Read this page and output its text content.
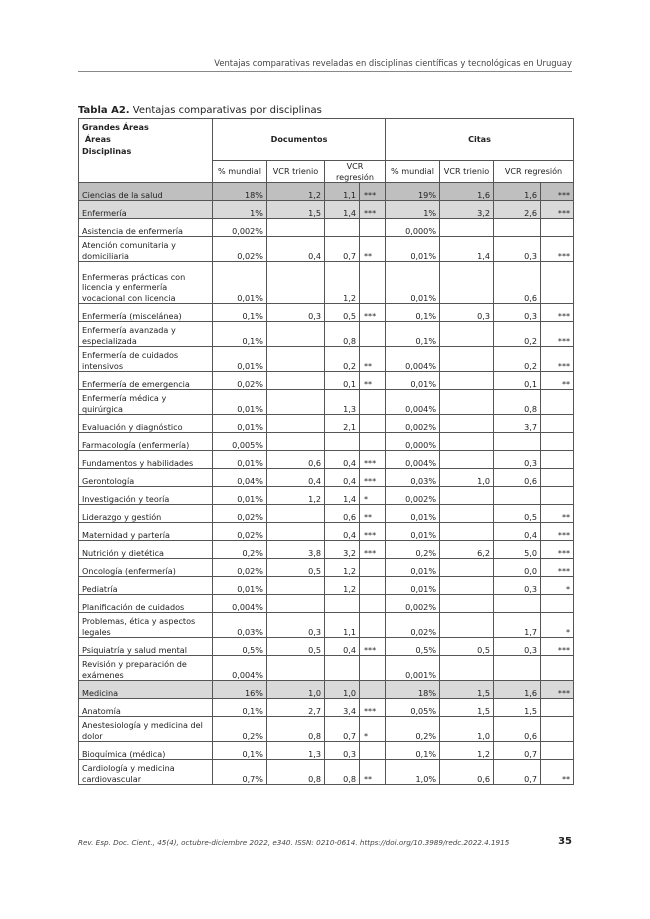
Ventajas comparativas reveladas en disciplinas científicas y tecnológicas en Uruguay
Tabla A2. Ventajas comparativas por disciplinas
Grandes Áreas
Áreas
Disciplinas	Documentos				Citas			
	% mundial	VCR trienio	VCR regresión		% mundial	VCR trienio	VCR regresión	
Ciencias de la salud	18%	1,2	1,1	***	19%	1,6	1,6	***
Enfermería	1%	1,5	1,4	***	1%	3,2	2,6	***
Asistencia de enfermería	0,002%				0,000%			
Atención comunitaria y domiciliaria	0,02%	0,4	0,7	**	0,01%	1,4	0,3	***
Enfermeras prácticas con licencia y enfermería vocacional con licencia	0,01%		1,2		0,01%		0,6	
Enfermería (miscelánea)	0,1%	0,3	0,5	***	0,1%	0,3	0,3	***
Enfermería avanzada y especializada	0,1%		0,8		0,1%		0,2	***
Enfermería de cuidados intensivos	0,01%		0,2	**	0,004%		0,2	***
Enfermería de emergencia	0,02%		0,1	**	0,01%		0,1	**
Enfermería médica y quirúrgica	0,01%		1,3		0,004%		0,8	
Evaluación y diagnóstico	0,01%		2,1		0,002%		3,7	
Farmacología (enfermería)	0,005%				0,000%			
Fundamentos y habilidades	0,01%	0,6	0,4	***	0,004%		0,3	
Gerontología	0,04%	0,4	0,4	***	0,03%	1,0	0,6	
Investigación y teoría	0,01%	1,2	1,4	*	0,002%			
Liderazgo y gestión	0,02%		0,6	**	0,01%		0,5	**
Maternidad y partería	0,02%		0,4	***	0,01%		0,4	***
Nutrición y dietética	0,2%	3,8	3,2	***	0,2%	6,2	5,0	***
Oncología (enfermería)	0,02%	0,5	1,2		0,01%		0,0	***
Pediatría	0,01%		1,2		0,01%		0,3	*
Planificación de cuidados	0,004%				0,002%			
Problemas, ética y aspectos legales	0,03%	0,3	1,1		0,02%		1,7	*
Psiquiatría y salud mental	0,5%	0,5	0,4	***	0,5%	0,5	0,3	***
Revisión y preparación de exámenes	0,004%				0,001%			
Medicina	16%	1,0	1,0		18%	1,5	1,6	***
Anatomía	0,1%	2,7	3,4	***	0,05%	1,5	1,5	
Anestesiología y medicina del dolor	0,2%	0,8	0,7	*	0,2%	1,0	0,6	
Bioquímica (médica)	0,1%	1,3	0,3		0,1%	1,2	0,7	
Cardiología y medicina cardiovascular	0,7%	0,8	0,8	**	1,0%	0,6	0,7	**
Rev. Esp. Doc. Cient., 45(4), octubre-diciembre 2022, e340. ISSN: 0210-0614. https://doi.org/10.3989/redc.2022.4.1915	35
